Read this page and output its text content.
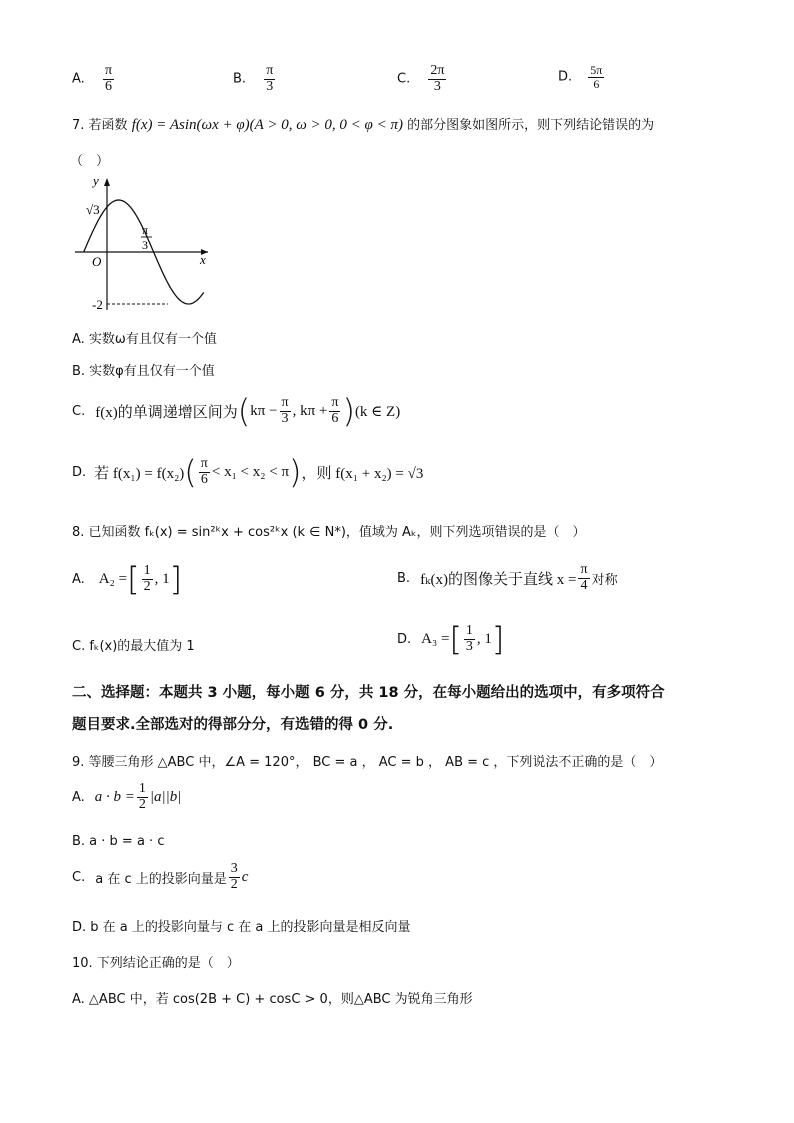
A. $\frac{\pi}{6}$	B. $\frac{\pi}{3}$	C. $\frac{2\pi}{3}$	D. $\frac{5\pi}{6}$
7. 若函数 f(x) = Asin(ωx + φ)(A > 0, ω > 0, 0 < φ < π) 的部分图象如图所示，则下列结论错误的为
（　）
y
x
O
√3
π
3
-2
A. 实数ω有且仅有一个值
B. 实数φ有且仅有一个值
C. f(x)的单调递增区间为 ( $k\pi - \frac{\pi}{3}$ , $k\pi + \frac{\pi}{6}$ ) (k ∈ Z)
D. 若 f(x₁) = f(x₂) ( $\frac{\pi}{6} < x_1 < x_2 < \pi$ ) ，则 f(x₁ + x₂) = √3
8. 已知函数 fₖ(x) = sin²ᵏx + cos²ᵏx (k ∈ N*)，值域为 Aₖ，则下列选项错误的是（　）
A. A₂ = [ $\frac{1}{2}$ , 1 ]	B. fₖ(x)的图像关于直线 $x = \frac{\pi}{4}$ 对称
C. fₖ(x)的最大值为 1	D. A₃ = [ $\frac{1}{3}$ , 1 ]
二、选择题：本题共 3 小题，每小题 6 分，共 18 分，在每小题给出的选项中，有多项符合
题目要求.全部选对的得部分分，有选错的得 0 分.
9. 等腰三角形 △ABC 中，∠A = 120°， BC = a ， AC = b ， AB = c ，下列说法不正确的是（　）
A. $a \cdot b = \frac{1}{2} |a||b|$
B. a · b = a · c
C. a 在 c 上的投影向量是 $\frac{3}{2}$ c
D. b 在 a 上的投影向量与 c 在 a 上的投影向量是相反向量
10. 下列结论正确的是（　）
A. △ABC 中，若 cos(2B + C) + cosC > 0，则△ABC 为锐角三角形
